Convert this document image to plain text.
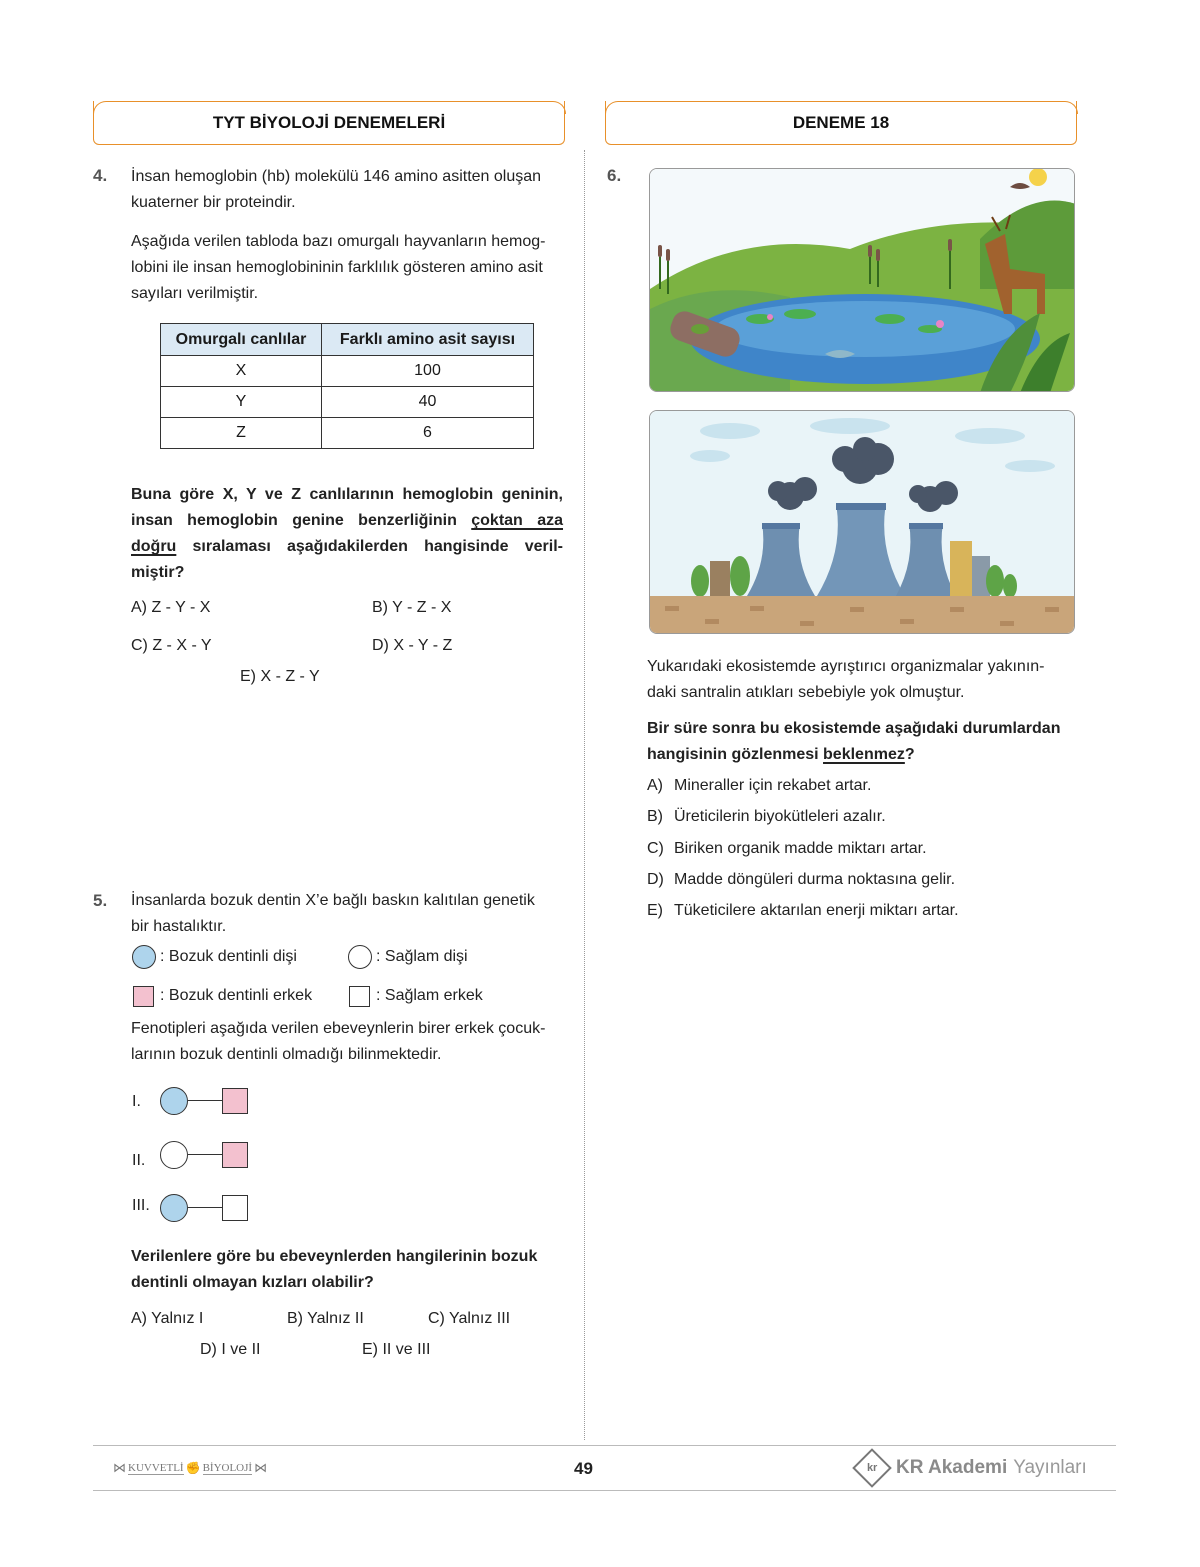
TYT BİYOLOJİ DENEMELERİ	DENEME 18
4. İnsan hemoglobin (hb) molekülü 146 amino asitten oluşan
kuaterner bir proteindir.
Aşağıda verilen tabloda bazı omurgalı hayvanların hemog-
lobini ile insan hemoglobininin farklılık gösteren amino asit
sayıları verilmiştir.
Omurgalı canlılar	Farklı amino asit sayısı
X	100
Y	40
Z	6
Buna göre X, Y ve Z canlılarının hemoglobin geninin, insan hemoglobin genine benzerliğinin çoktan aza doğru sıralaması aşağıdakilerden hangisinde veril-miştir?
A) Z - Y - X	B) Y - Z - X
C) Z - X - Y	D) X - Y - Z
E) X - Z - Y
5. İnsanlarda bozuk dentin X’e bağlı baskın kalıtılan genetik
bir hastalıktır.
: Bozuk dentinli dişi	: Sağlam dişi
: Bozuk dentinli erkek	: Sağlam erkek
Fenotipleri aşağıda verilen ebeveynlerin birer erkek çocuk-
larının bozuk dentinli olmadığı bilinmektedir.
I.
II.
III.
Verilenlere göre bu ebeveynlerden hangilerinin bozuk
dentinli olmayan kızları olabilir?
A) Yalnız I	B) Yalnız II	C) Yalnız III
D) I ve II	E) II ve III
6.
Yukarıdaki ekosistemde ayrıştırıcı organizmalar yakının-
daki santralin atıkları sebebiyle yok olmuştur.
Bir süre sonra bu ekosistemde aşağıdaki durumlardan
hangisinin gözlenmesi beklenmez?
A) Mineraller için rekabet artar.
B) Üreticilerin biyokütleleri azalır.
C) Biriken organik madde miktarı artar.
D) Madde döngüleri durma noktasına gelir.
E) Tüketicilere aktarılan enerji miktarı artar.
⋈ KUVVETLİ ✊ BİYOLOJİ ⋈	49	kr KR Akademi Yayınları
